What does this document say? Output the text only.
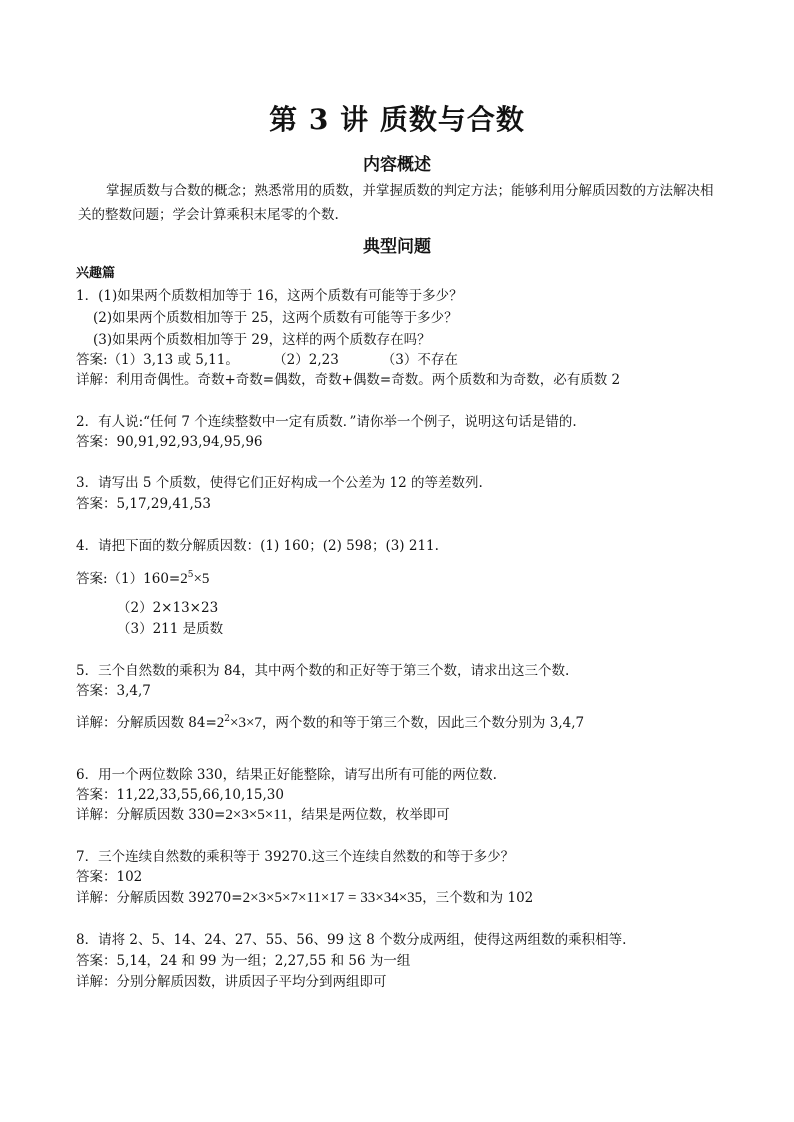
第 3 讲 质数与合数
内容概述
掌握质数与合数的概念；熟悉常用的质数，并掌握质数的判定方法；能够利用分解质因数的方法解决相关的整数问题；学会计算乘积末尾零的个数.
典型问题
兴趣篇
1．(1)如果两个质数相加等于 16，这两个质数有可能等于多少？
(2)如果两个质数相加等于 25，这两个质数有可能等于多少？
(3)如果两个质数相加等于 29，这样的两个质数存在吗？
答案:（1）3,13 或 5,11。        （2）2,23          （3）不存在
详解：利用奇偶性。奇数+奇数=偶数，奇数+偶数=奇数。两个质数和为奇数，必有质数 2
2．有人说:“任何 7 个连续整数中一定有质数．”请你举一个例子，说明这句话是错的.
答案：90,91,92,93,94,95,96
3．请写出 5 个质数，使得它们正好构成一个公差为 12 的等差数列.
答案：5,17,29,41,53
4．请把下面的数分解质因数：(1) 160；(2) 598；(3) 211.
答案$:(1)160=2^5\times 5$
（2）2×13×23
（3）211 是质数
5．三个自然数的乘积为 84，其中两个数的和正好等于第三个数，请求出这三个数.
答案：3,4,7
详解：分解质因数 $84=2^2\times 3\times 7$，两个数的和等于第三个数，因此三个数分别为 3,4,7
6．用一个两位数除 330，结果正好能整除，请写出所有可能的两位数.
答案：11,22,33,55,66,10,15,30
详解：分解质因数 330=2×3×5×11，结果是两位数，枚举即可
7．三个连续自然数的乘积等于 39270.这三个连续自然数的和等于多少？
答案：102
详解：分解质因数 39270=2×3×5×7×11×17 = 33×34×35，三个数和为 102
8．请将 2、5、14、24、27、55、56、99 这 8 个数分成两组，使得这两组数的乘积相等.
答案：5,14，24 和 99 为一组；2,27,55 和 56 为一组
详解：分别分解质因数，讲质因子平均分到两组即可
